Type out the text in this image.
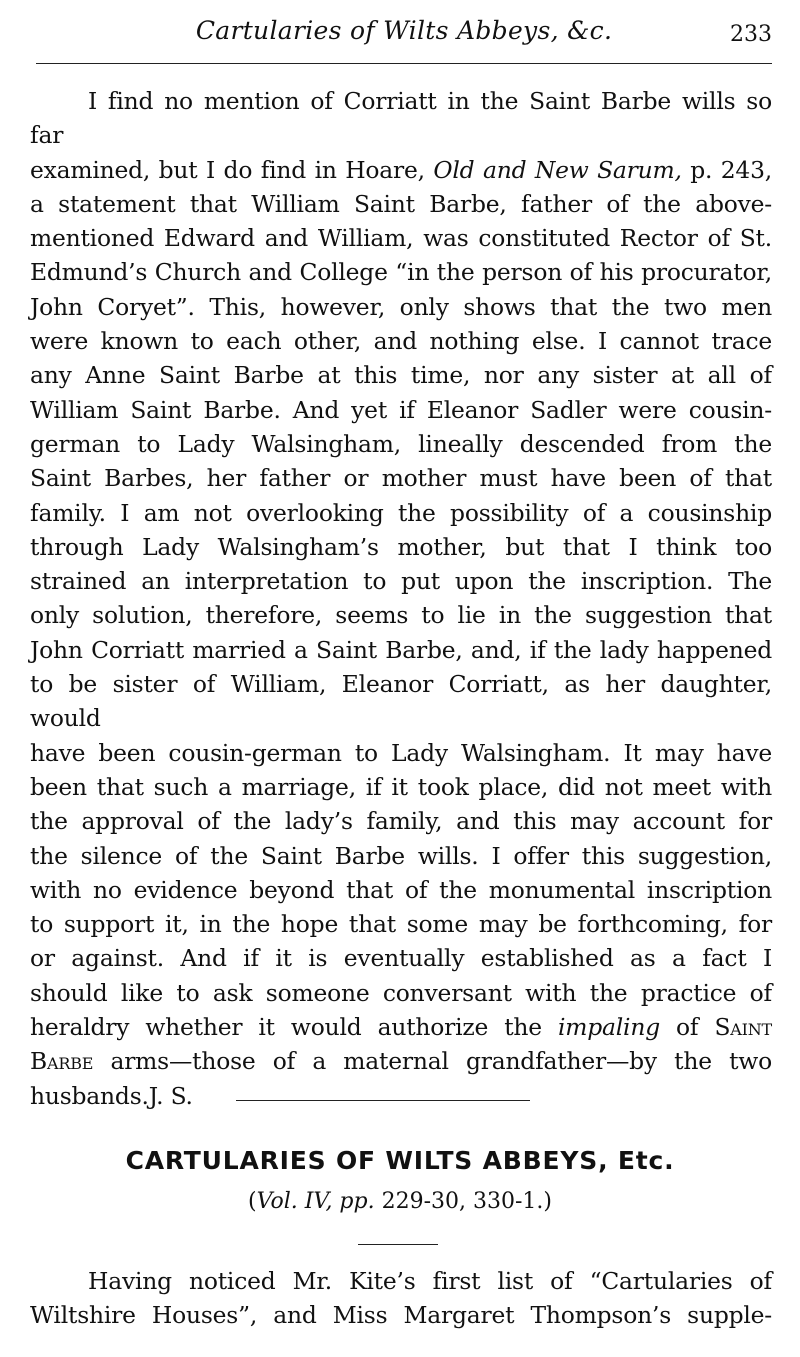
Cartularies of Wilts Abbeys, &c.	233

I find no mention of Corriatt in the Saint Barbe wills so far
examined, but I do find in Hoare, Old and New Sarum, p. 243,
a statement that William Saint Barbe, father of the above-
mentioned Edward and William, was constituted Rector of St.
Edmund’s Church and College “in the person of his procurator,
John Coryet”. This, however, only shows that the two men
were known to each other, and nothing else. I cannot trace
any Anne Saint Barbe at this time, nor any sister at all of
William Saint Barbe. And yet if Eleanor Sadler were cousin-
german to Lady Walsingham, lineally descended from the
Saint Barbes, her father or mother must have been of that
family. I am not overlooking the possibility of a cousinship
through Lady Walsingham’s mother, but that I think too
strained an interpretation to put upon the inscription. The
only solution, therefore, seems to lie in the suggestion that
John Corriatt married a Saint Barbe, and, if the lady happened
to be sister of William, Eleanor Corriatt, as her daughter, would
have been cousin-german to Lady Walsingham. It may have
been that such a marriage, if it took place, did not meet with
the approval of the lady’s family, and this may account for
the silence of the Saint Barbe wills. I offer this suggestion,
with no evidence beyond that of the monumental inscription
to support it, in the hope that some may be forthcoming, for
or against. And if it is eventually established as a fact I
should like to ask someone conversant with the practice of
heraldry whether it would authorize the impaling of Saint
Barbe arms—those of a maternal grandfather—by the two
husbands.J. S.

CARTULARIES OF WILTS ABBEYS, Etc.
(Vol. IV, pp. 229-30, 330-1.)

Having noticed Mr. Kite’s first list of “Cartularies of
Wiltshire Houses”, and Miss Margaret Thompson’s supple-
